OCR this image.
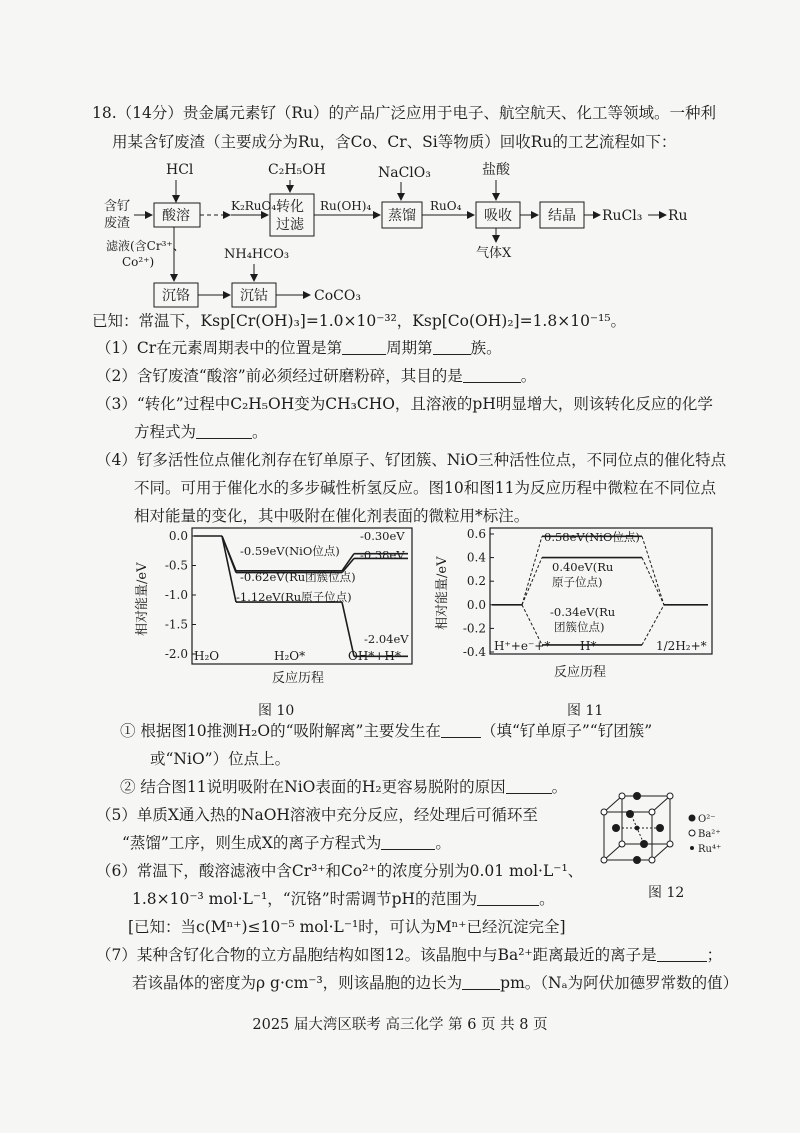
18.（14分）贵金属元素钌（Ru）的产品广泛应用于电子、航空航天、化工等领域。一种利
用某含钌废渣（主要成分为Ru，含Co、Cr、Si等物质）回收Ru的工艺流程如下：
HCl	C₂H₅OH	NaClO₃	盐酸
含钌
废渣 酸溶
K₂RuO₄ 转化
过滤
Ru(OH)₄
蒸馏
RuO₄
吸收	结晶 RuCl₃ Ru
气体X
滤液(含Cr³⁺、
Co²⁺)
沉铬
NH₄HCO₃
沉钴	CoCO₃
已知：常温下，Ksp[Cr(OH)₃]=1.0×10⁻³²，Ksp[Co(OH)₂]=1.8×10⁻¹⁵。
（1）Cr在元素周期表中的位置是第	周期第 族。
（2）含钌废渣“酸溶”前必须经过研磨粉碎，其目的是	。
（3）“转化”过程中C₂H₅OH变为CH₃CHO，且溶液的pH明显增大，则该转化反应的化学
方程式为	。
（4）钌多活性位点催化剂存在钌单原子、钌团簇、NiO三种活性位点，不同位点的催化特点
不同。可用于催化水的多步碱性析氢反应。图10和图11为反应历程中微粒在不同位点
相对能量的变化，其中吸附在催化剂表面的微粒用*标注。
0.0
-0.5
-1.0
-1.5
-2.0
相对能量/eV
反应历程
H₂O	H₂O*	OH*+H*
-0.59eV(NiO位点)
-0.62eV(Ru团簇位点)
-1.12eV(Ru原子位点)
-0.30eV
-0.38eV
-2.04eV
图 10
0.6
0.4
0.2
0.0
-0.2
-0.4
相对能量/eV
反应历程
H⁺+e⁻+* H*	1/2H₂+*
0.58eV(NiO位点)
0.40eV(Ru
原子位点)
-0.34eV(Ru
团簇位点)
图 11
① 根据图10推测H₂O的“吸附解离”主要发生在	（填“钌单原子”“钌团簇”
或“NiO”）位点上。
② 结合图11说明吸附在NiO表面的H₂更容易脱附的原因	。
（5）单质X通入热的NaOH溶液中充分反应，经处理后可循环至
“蒸馏”工序，则生成X的离子方程式为	。
（6）常温下，酸溶滤液中含Cr³⁺和Co²⁺的浓度分别为0.01 mol·L⁻¹、
1.8×10⁻³ mol·L⁻¹，“沉铬”时需调节pH的范围为	。
[已知：当c(Mⁿ⁺)≤10⁻⁵ mol·L⁻¹时，可认为Mⁿ⁺已经沉淀完全]
O²⁻
Ba²⁺
Ru⁴⁺
图 12
（7）某种含钌化合物的立方晶胞结构如图12。该晶胞中与Ba²⁺距离最近的离子是	；
若该晶体的密度为ρ g·cm⁻³，则该晶胞的边长为 pm。（Nₐ为阿伏加德罗常数的值）
2025 届大湾区联考 高三化学 第 6 页 共 8 页
